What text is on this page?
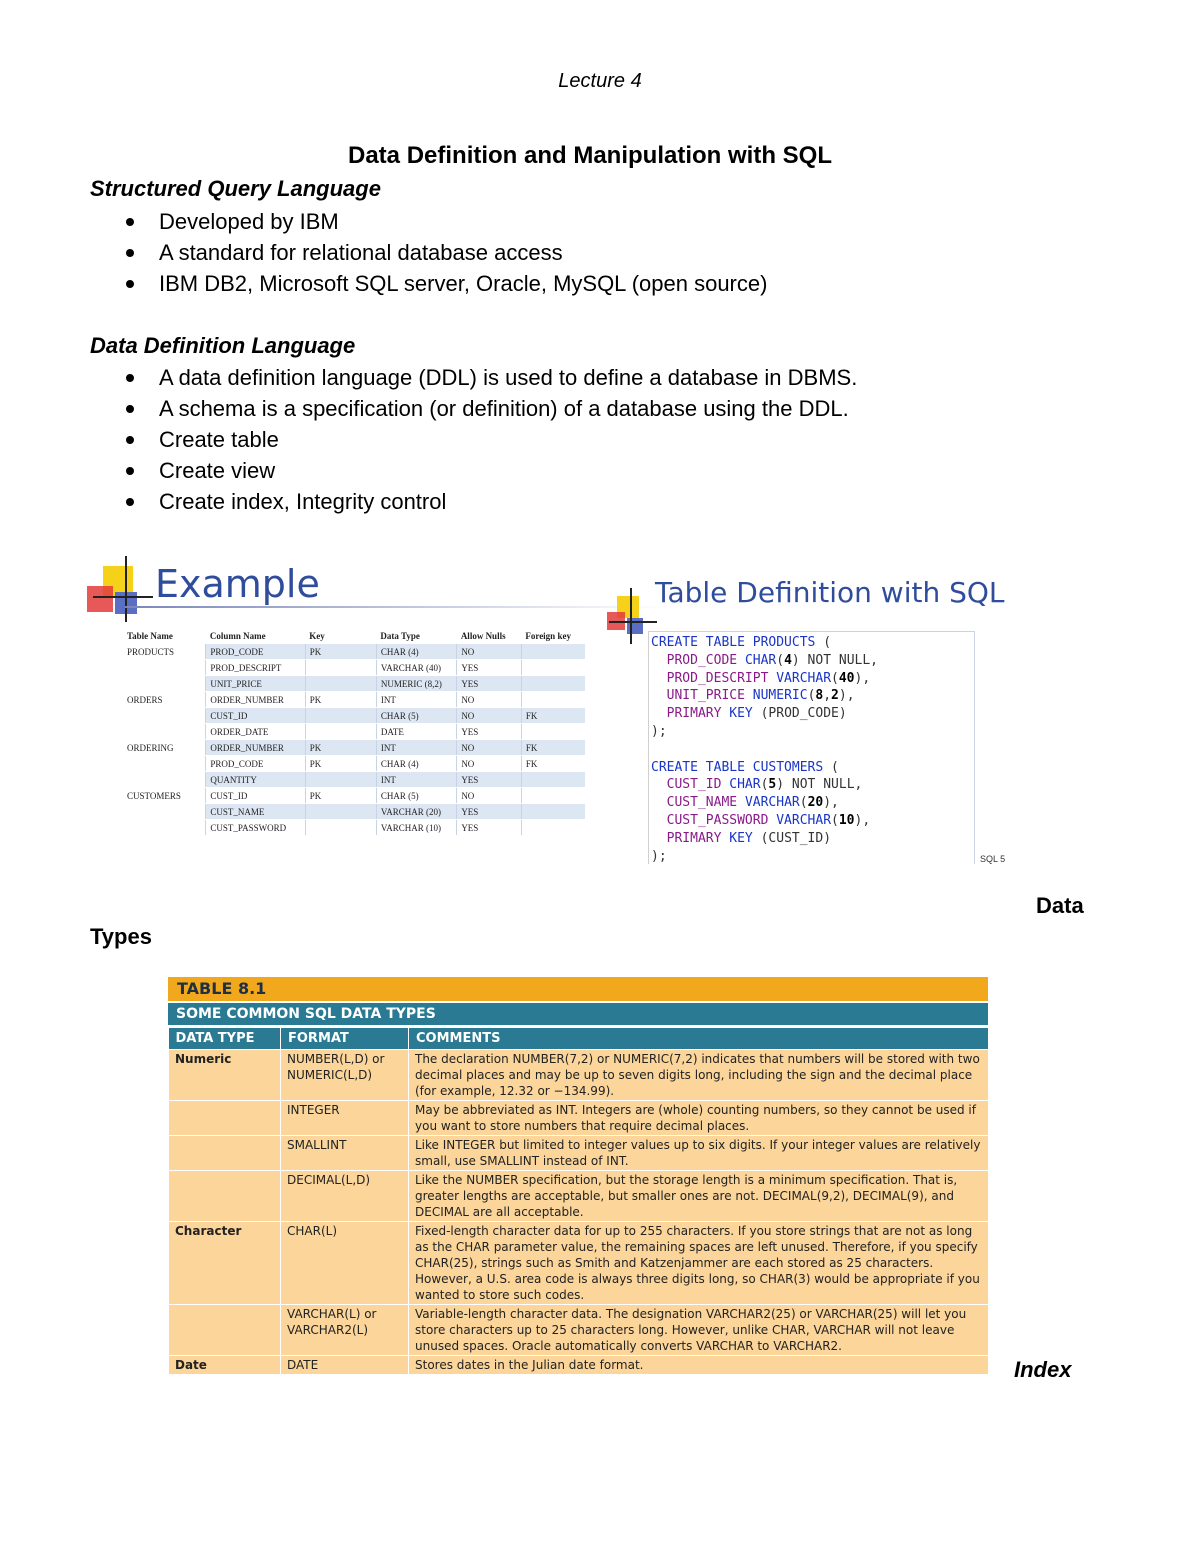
Lecture 4
Data Definition and Manipulation with SQL
Structured Query Language
Developed by IBM
A standard for relational database access
IBM DB2, Microsoft SQL server, Oracle, MySQL (open source)
Data Definition Language
A data definition language (DDL) is used to define a database in DBMS.
A schema is a specification (or definition) of a database using the DDL.
Create table
Create view
Create index, Integrity control
Example
Table Name	Column Name	Key	Data Type	Allow Nulls	Foreign key
PRODUCTS	PROD_CODE	PK	CHAR (4)	NO	
	PROD_DESCRIPT		VARCHAR (40)	YES	
	UNIT_PRICE		NUMERIC (8,2)	YES	
ORDERS	ORDER_NUMBER	PK	INT	NO	
	CUST_ID		CHAR (5)	NO	FK
	ORDER_DATE		DATE	YES	
ORDERING	ORDER_NUMBER	PK	INT	NO	FK
	PROD_CODE	PK	CHAR (4)	NO	FK
	QUANTITY		INT	YES	
CUSTOMERS	CUST_ID	PK	CHAR (5)	NO	
	CUST_NAME		VARCHAR (20)	YES	
	CUST_PASSWORD		VARCHAR (10)	YES	
Table Definition with SQL
CREATE TABLE PRODUCTS (
PROD_CODE CHAR(4) NOT NULL,
PROD_DESCRIPT VARCHAR(40),
UNIT_PRICE NUMERIC(8,2),
PRIMARY KEY (PROD_CODE)
);

CREATE TABLE CUSTOMERS (
CUST_ID CHAR(5) NOT NULL,
CUST_NAME VARCHAR(20),
CUST_PASSWORD VARCHAR(10),
PRIMARY KEY (CUST_ID)
);	SQL 5
Data
Types
Index
TABLE 8.1
SOME COMMON SQL DATA TYPES
DATA TYPE	FORMAT	COMMENTS
Numeric	NUMBER(L,D) or NUMERIC(L,D)	The declaration NUMBER(7,2) or NUMERIC(7,2) indicates that numbers will be stored with two decimal places and may be up to seven digits long, including the sign and the decimal place (for example, 12.32 or −134.99).
	INTEGER	May be abbreviated as INT. Integers are (whole) counting numbers, so they cannot be used if you want to store numbers that require decimal places.
	SMALLINT	Like INTEGER but limited to integer values up to six digits. If your integer values are relatively small, use SMALLINT instead of INT.
	DECIMAL(L,D)	Like the NUMBER specification, but the storage length is a minimum specification. That is, greater lengths are acceptable, but smaller ones are not. DECIMAL(9,2), DECIMAL(9), and DECIMAL are all acceptable.
Character	CHAR(L)	Fixed-length character data for up to 255 characters. If you store strings that are not as long as the CHAR parameter value, the remaining spaces are left unused. Therefore, if you specify CHAR(25), strings such as Smith and Katzenjammer are each stored as 25 characters. However, a U.S. area code is always three digits long, so CHAR(3) would be appropriate if you wanted to store such codes.
	VARCHAR(L) or VARCHAR2(L)	Variable-length character data. The designation VARCHAR2(25) or VARCHAR(25) will let you store characters up to 25 characters long. However, unlike CHAR, VARCHAR will not leave unused spaces. Oracle automatically converts VARCHAR to VARCHAR2.
Date	DATE	Stores dates in the Julian date format.
